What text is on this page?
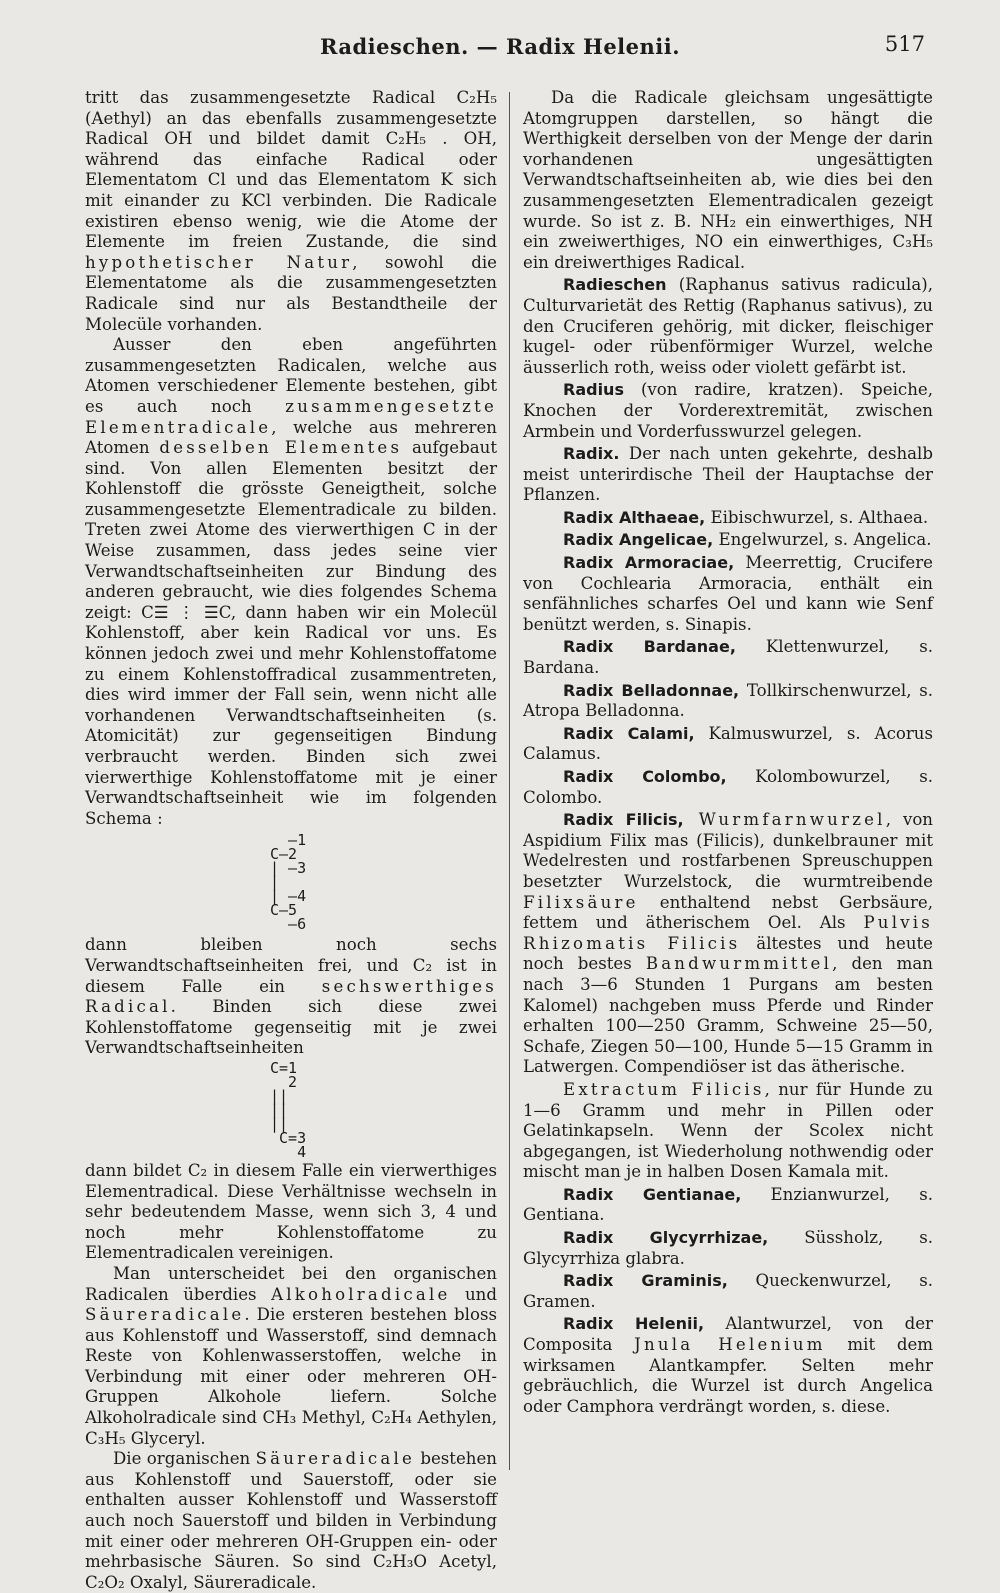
Radieschen. — Radix Helenii.	517

tritt das zusammengesetzte Radical C₂H₅ (Aethyl) an das ebenfalls zusammengesetzte Radical OH und bildet damit C₂H₅ . OH, während das einfache Radical oder Elementatom Cl und das Elementatom K sich mit einander zu KCl verbinden. Die Radicale existiren ebenso wenig, wie die Atome der Elemente im freien Zustande, die sind hypothetischer Natur, sowohl die Elementatome als die zusammengesetzten Radicale sind nur als Bestandtheile der Molecüle vorhanden.

Ausser den eben angeführten zusammengesetzten Radicalen, welche aus Atomen verschiedener Elemente bestehen, gibt es auch noch zusammengesetzte Elementradicale, welche aus mehreren Atomen desselben Elementes aufgebaut sind. Von allen Elementen besitzt der Kohlenstoff die grösste Geneigtheit, solche zusammengesetzte Elementradicale zu bilden. Treten zwei Atome des vierwerthigen C in der Weise zusammen, dass jedes seine vier Verwandtschaftseinheiten zur Bindung des anderen gebraucht, wie dies folgendes Schema zeigt: C☰ ⋮ ☰C, dann haben wir ein Molecül Kohlenstoff, aber kein Radical vor uns. Es können jedoch zwei und mehr Kohlenstoffatome zu einem Kohlenstoffradical zusammentreten, dies wird immer der Fall sein, wenn nicht alle vorhandenen Verwandtschaftseinheiten (s. Atomicität) zur gegenseitigen Bindung verbraucht werden. Binden sich zwei vierwerthige Kohlenstoffatome mit je einer Verwandtschaftseinheit wie im folgenden Schema :

—1
C—2
| —3
|
| —4
C—5
—6

dann bleiben noch sechs Verwandtschaftseinheiten frei, und C₂ ist in diesem Falle ein sechswerthiges Radical. Binden sich diese zwei Kohlenstoffatome gegenseitig mit je zwei Verwandtschaftseinheiten

C=1
2
||
||
||
C=3
4

dann bildet C₂ in diesem Falle ein vierwerthiges Elementradical. Diese Verhältnisse wechseln in sehr bedeutendem Masse, wenn sich 3, 4 und noch mehr Kohlenstoffatome zu Elementradicalen vereinigen.

Man unterscheidet bei den organischen Radicalen überdies Alkoholradicale und Säureradicale. Die ersteren bestehen bloss aus Kohlenstoff und Wasserstoff, sind demnach Reste von Kohlenwasserstoffen, welche in Verbindung mit einer oder mehreren OH-Gruppen Alkohole liefern. Solche Alkoholradicale sind CH₃ Methyl, C₂H₄ Aethylen, C₃H₅ Glyceryl.

Die organischen Säureradicale bestehen aus Kohlenstoff und Sauerstoff, oder sie enthalten ausser Kohlenstoff und Wasserstoff auch noch Sauerstoff und bilden in Verbindung mit einer oder mehreren OH-Gruppen ein- oder mehrbasische Säuren. So sind C₂H₃O Acetyl, C₂O₂ Oxalyl, Säureradicale.

Da die Radicale gleichsam ungesättigte Atomgruppen darstellen, so hängt die Werthigkeit derselben von der Menge der darin vorhandenen ungesättigten Verwandtschaftseinheiten ab, wie dies bei den zusammengesetzten Elementradicalen gezeigt wurde. So ist z. B. NH₂ ein einwerthiges, NH ein zweiwerthiges, NO ein einwerthiges, C₃H₅ ein dreiwerthiges Radical.

Radieschen (Raphanus sativus radicula), Culturvarietät des Rettig (Raphanus sativus), zu den Cruciferen gehörig, mit dicker, fleischiger kugel- oder rübenförmiger Wurzel, welche äusserlich roth, weiss oder violett gefärbt ist.

Radius (von radire, kratzen). Speiche, Knochen der Vorderextremität, zwischen Armbein und Vorderfusswurzel gelegen.

Radix. Der nach unten gekehrte, deshalb meist unterirdische Theil der Hauptachse der Pflanzen.

Radix Althaeae, Eibischwurzel, s. Althaea.

Radix Angelicae, Engelwurzel, s. Angelica.

Radix Armoraciae, Meerrettig, Crucifere von Cochlearia Armoracia, enthält ein senfähnliches scharfes Oel und kann wie Senf benützt werden, s. Sinapis.

Radix Bardanae, Klettenwurzel, s. Bardana.

Radix Belladonnae, Tollkirschenwurzel, s. Atropa Belladonna.

Radix Calami, Kalmuswurzel, s. Acorus Calamus.

Radix Colombo, Kolombowurzel, s. Colombo.

Radix Filicis, Wurmfarnwurzel, von Aspidium Filix mas (Filicis), dunkelbrauner mit Wedelresten und rostfarbenen Spreuschuppen besetzter Wurzelstock, die wurmtreibende Filixsäure enthaltend nebst Gerbsäure, fettem und ätherischem Oel. Als Pulvis Rhizomatis Filicis ältestes und heute noch bestes Bandwurmmittel, den man nach 3—6 Stunden 1 Purgans am besten Kalomel) nachgeben muss Pferde und Rinder erhalten 100—250 Gramm, Schweine 25—50, Schafe, Ziegen 50—100, Hunde 5—15 Gramm in Latwergen. Compendiöser ist das ätherische.

Extractum Filicis, nur für Hunde zu 1—6 Gramm und mehr in Pillen oder Gelatinkapseln. Wenn der Scolex nicht abgegangen, ist Wiederholung nothwendig oder mischt man je in halben Dosen Kamala mit.

Radix Gentianae, Enzianwurzel, s. Gentiana.

Radix Glycyrrhizae, Süssholz, s. Glycyrrhiza glabra.

Radix Graminis, Queckenwurzel, s. Gramen.

Radix Helenii, Alantwurzel, von der Composita Jnula Helenium mit dem wirksamen Alantkampfer. Selten mehr gebräuchlich, die Wurzel ist durch Angelica oder Camphora verdrängt worden, s. diese.
